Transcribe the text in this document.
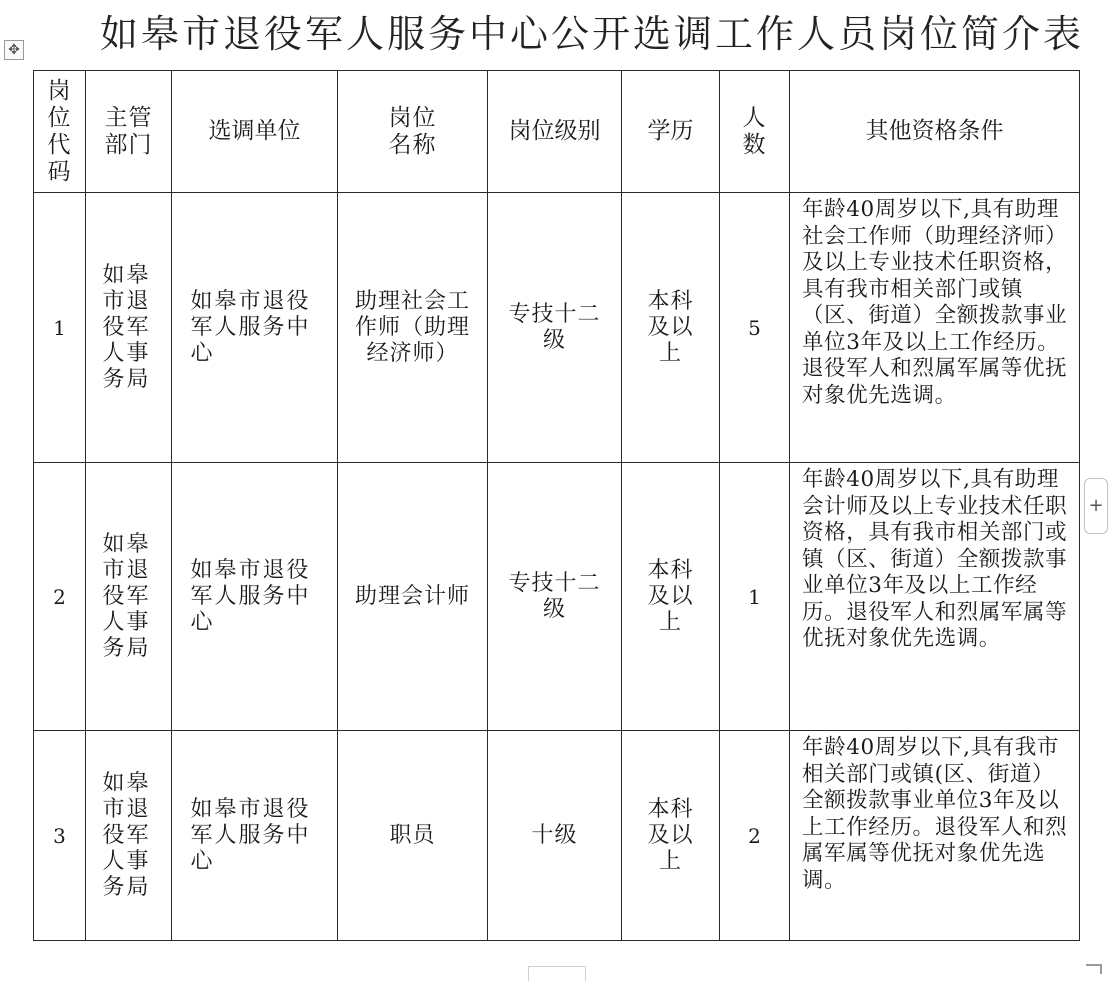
如皋市退役军人服务中心公开选调工作人员岗位简介表
✥
岗位代码	主管部门	选调单位	岗位名称	岗位级别	学历	人数	其他资格条件
1	如皋市退役军人事务局	如皋市退役军人服务中心	助理社会工作师（助理经济师）	专技十二级	本科及以上	5	年龄40周岁以下,具有助理社会工作师（助理经济师）及以上专业技术任职资格，具有我市相关部门或镇（区、街道）全额拨款事业单位3年及以上工作经历。退役军人和烈属军属等优抚对象优先选调。
2	如皋市退役军人事务局	如皋市退役军人服务中心	助理会计师	专技十二级	本科及以上	1	年龄40周岁以下,具有助理会计师及以上专业技术任职资格，具有我市相关部门或镇（区、街道）全额拨款事业单位3年及以上工作经历。退役军人和烈属军属等优抚对象优先选调。
3	如皋市退役军人事务局	如皋市退役军人服务中心	职员	十级	本科及以上	2	年龄40周岁以下,具有我市相关部门或镇(区、街道）全额拨款事业单位3年及以上工作经历。退役军人和烈属军属等优抚对象优先选调。
+
